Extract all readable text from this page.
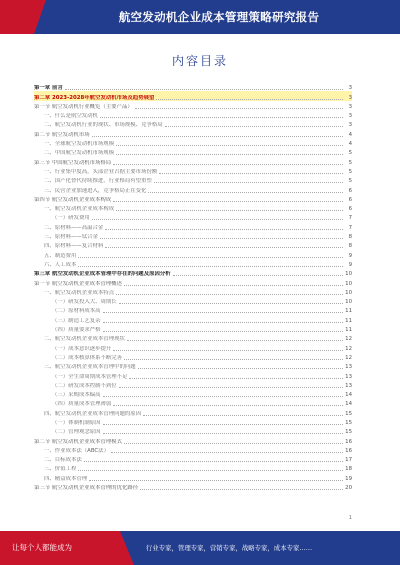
航空发动机企业成本管理策略研究报告
内容目录
第一章 前言	3
第二章 2023-2028年航空发动机市场及趋势展望	3
第一节 航空发动机行业概览（主要产品）	3
一、什么是航空发动机	3
二、航空发动机行业的现状、市场规模、竞争格局	3
第二节 航空发动机市场	4
一、全球航空发动机市场规模	4
二、中国航空发动机市场规模	5
第三节 中国航空发动机市场格局	5
一、行业集中度高，头部企业占据主要市场份额	5
二、国产化替代持续推进，行业格局有望重塑	5
三、民营企业加速进入，竞争格局正在变化	6
第四节 航空发动机企业成本构成	6
一、航空发动机企业成本构成	6
（一）研发费用	7
二、原材料——高温合金	7
三、原材料——钛合金	8
四、原材料——复合材料	8
五、制造费用	9
六、人工成本	9
第三章 航空发动机企业成本管理中存在的问题及原因分析	10
第一节 航空发动机企业成本管理概述	10
一、航空发动机企业成本特点	10
（一）研发投入大、周期长	10
（二）原材料成本高	11
（三）制造工艺复杂	11
（四）质量要求严格	11
二、航空发动机企业成本管理现状	12
（一）成本意识逐步提升	12
（二）成本核算体系不断完善	12
三、航空发动机企业成本管理中的问题	13
（一）全生命周期成本管理不足	13
（二）研发成本控制不到位	13
（三）采购成本偏高	14
（四）质量成本管理薄弱	14
四、航空发动机企业成本管理问题的原因	15
（一）体制机制原因	15
（二）管理观念原因	15
第二节 航空发动机企业成本管理模式	16
一、作业成本法（ABC法）	16
二、目标成本法	17
三、价值工程	18
四、精益成本管理	19
第三节 航空发动机企业成本管理的优化路径	20
1
让每个人都能成为	行业专家，管理专家，营销专家，战略专家，成本专家……
